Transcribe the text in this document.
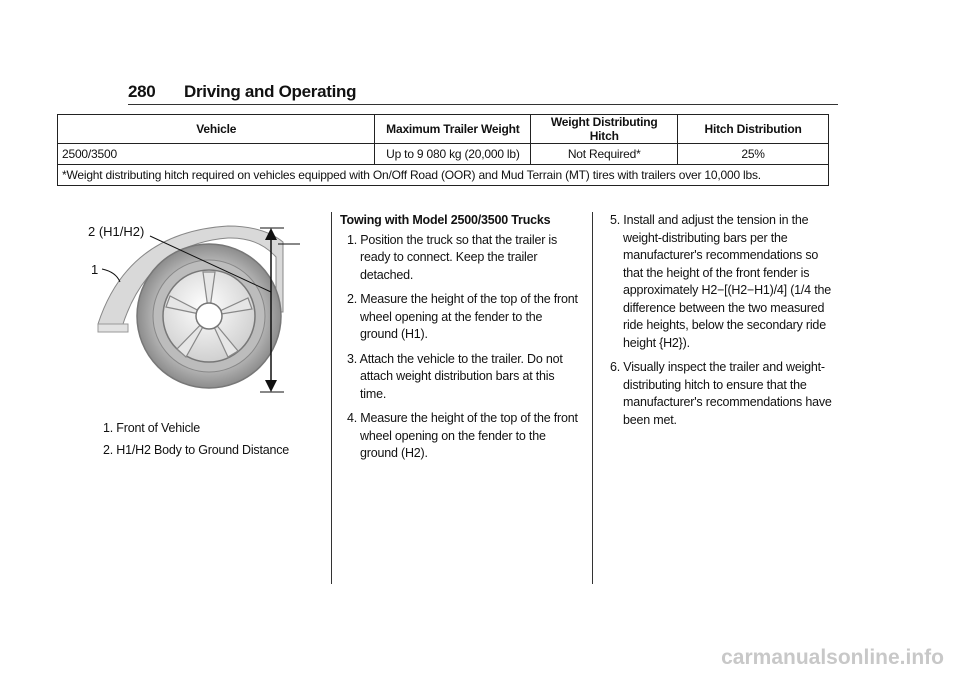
280 Driving and Operating
Vehicle	Maximum Trailer Weight	Weight Distributing Hitch	Hitch Distribution
2500/3500	Up to 9 080 kg (20,000 lb)	Not Required*	25%
*Weight distributing hitch required on vehicles equipped with On/Off Road (OOR) and Mud Terrain (MT) tires with trailers over 10,000 lbs.			
2 (H1/H2)
1
1. Front of Vehicle
2. H1/H2 Body to Ground Distance

Towing with Model 2500/3500 Trucks

1. Position the truck so that the trailer is ready to connect. Keep the trailer detached.
2. Measure the height of the top of the front wheel opening at the fender to the ground (H1).
3. Attach the vehicle to the trailer. Do not attach weight distribution bars at this time.
4. Measure the height of the top of the front wheel opening on the fender to the ground (H2).
5. Install and adjust the tension in the weight-distributing bars per the manufacturer's recommendations so that the height of the front fender is approximately H2−[(H2−H1)/4] (1/4 the difference between the two measured ride heights, below the secondary ride height {H2}).
6. Visually inspect the trailer and weight-distributing hitch to ensure that the manufacturer's recommendations have been met.
carmanualsonline.info
